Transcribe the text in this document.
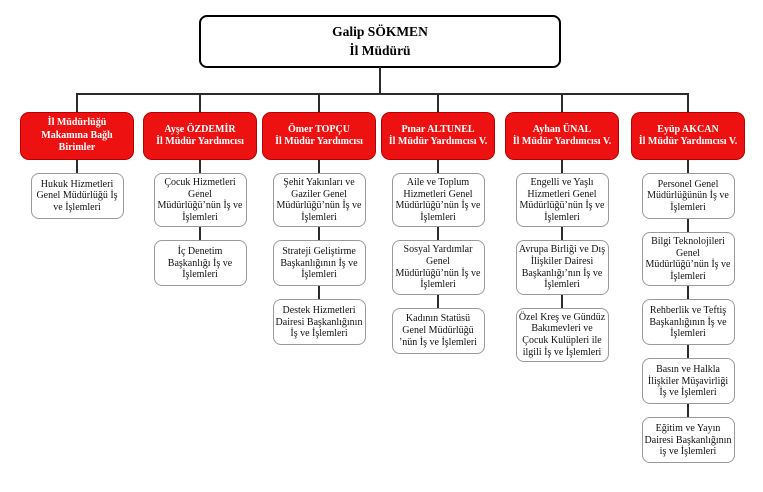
Galip SÖKMEN
İl Müdürü
İl Müdürlüğü Makamına Bağlı Birimler
Hukuk Hizmetleri Genel Müdürlüğü İş ve İşlemleri
Ayşe ÖZDEMİR
İl Müdür Yardımcısı
Çocuk Hizmetleri Genel Müdürlüğü’nün İş ve İşlemleri
İç Denetim Başkanlığı İş ve İşlemleri
Ömer TOPÇU
İl Müdür Yardımcısı
Şehit Yakınları ve Gaziler Genel Müdürlüğü’nün İş ve İşlemleri
Strateji Geliştirme Başkanlığının İş ve İşlemleri
Destek Hizmetleri Dairesi Başkanlığının İş ve İşlemleri
Pınar ALTUNEL
İl Müdür Yardımcısı V.
Aile ve Toplum Hizmetleri Genel Müdürlüğü’nün İş ve İşlemleri
Sosyal Yardımlar Genel Müdürlüğü’nün İş ve İşlemleri
Kadının Statüsü Genel Müdürlüğü ’nün İş ve İşlemleri
Ayhan ÜNAL
İl Müdür Yardımcısı V.
Engelli ve Yaşlı Hizmetleri Genel Müdürlüğü’nün İş ve İşlemleri
Avrupa Birliği ve Dış İlişkiler Dairesi Başkanlığı’nın İş ve İşlemleri
Özel Kreş ve Gündüz Bakımevleri ve Çocuk Kulüpleri ile ilgili İş ve İşlemleri
Eyüp AKCAN
İl Müdür Yardımcısı V.
Personel Genel Müdürlüğünün İş ve İşlemleri
Bilgi Teknolojileri Genel Müdürlüğü’nün İş ve İşlemleri
Rehberlik ve Teftiş Başkanlığının İş ve İşlemleri
Basın ve Halkla İlişkiler Müşavirliği İş ve İşlemleri
Eğitim ve Yayın Dairesi Başkanlığının iş ve İşlemleri
